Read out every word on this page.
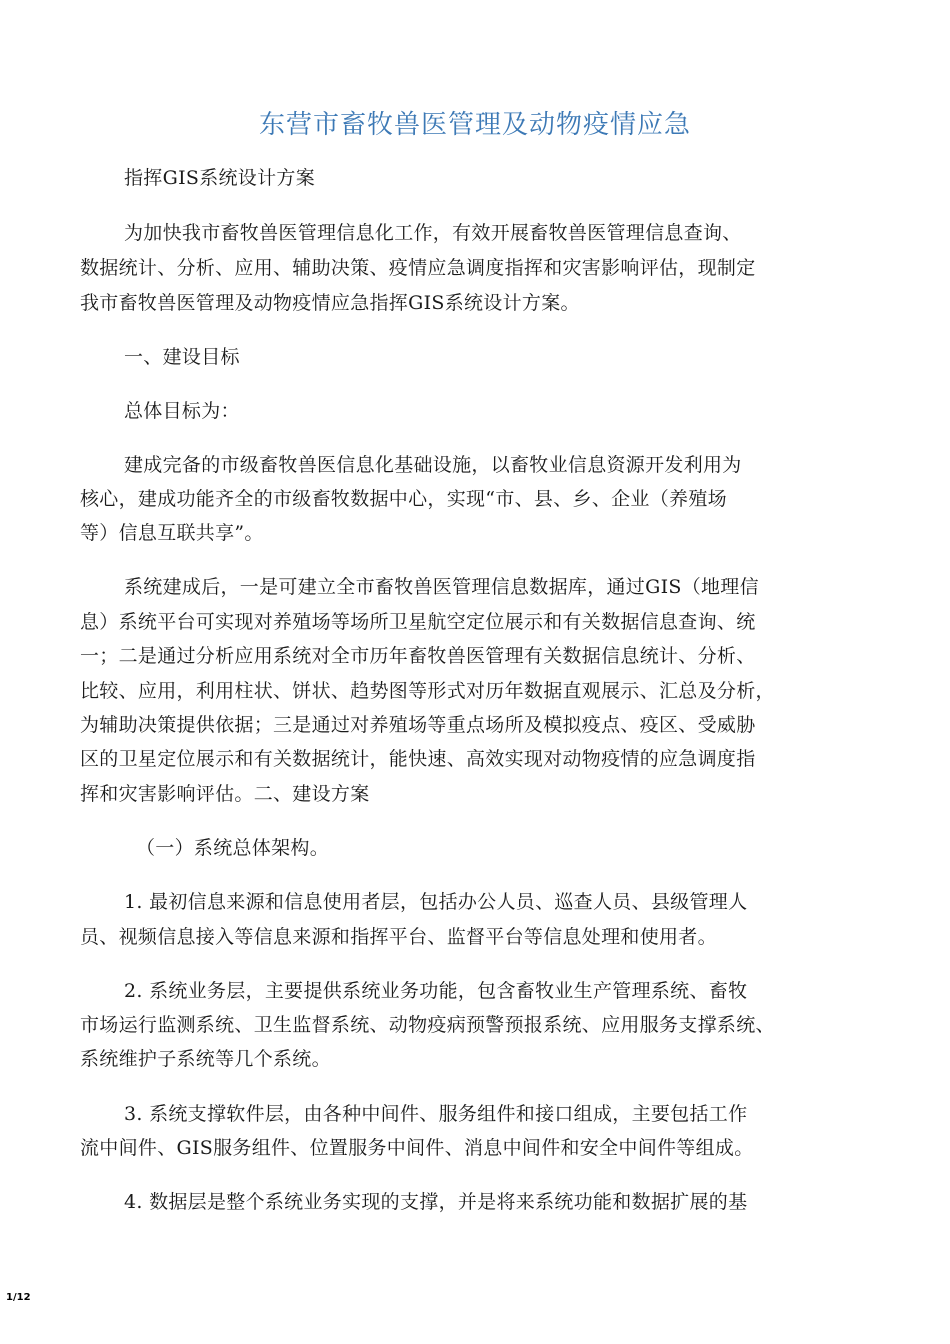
东营市畜牧兽医管理及动物疫情应急
指挥GIS系统设计方案
为加快我市畜牧兽医管理信息化工作，有效开展畜牧兽医管理信息查询、
数据统计、分析、应用、辅助决策、疫情应急调度指挥和灾害影响评估，现制定
我市畜牧兽医管理及动物疫情应急指挥GIS系统设计方案。
一、建设目标
总体目标为：
建成完备的市级畜牧兽医信息化基础设施，以畜牧业信息资源开发利用为
核心，建成功能齐全的市级畜牧数据中心，实现“市、县、乡、企业（养殖场
等）信息互联共享”。
系统建成后，一是可建立全市畜牧兽医管理信息数据库，通过GIS（地理信
息）系统平台可实现对养殖场等场所卫星航空定位展示和有关数据信息查询、统
一；二是通过分析应用系统对全市历年畜牧兽医管理有关数据信息统计、分析、
比较、应用，利用柱状、饼状、趋势图等形式对历年数据直观展示、汇总及分析，
为辅助决策提供依据；三是通过对养殖场等重点场所及模拟疫点、疫区、受威胁
区的卫星定位展示和有关数据统计，能快速、高效实现对动物疫情的应急调度指
挥和灾害影响评估。二、建设方案
（一）系统总体架构。
1. 最初信息来源和信息使用者层，包括办公人员、巡查人员、县级管理人
员、视频信息接入等信息来源和指挥平台、监督平台等信息处理和使用者。
2. 系统业务层，主要提供系统业务功能，包含畜牧业生产管理系统、畜牧
市场运行监测系统、卫生监督系统、动物疫病预警预报系统、应用服务支撑系统、
系统维护子系统等几个系统。
3. 系统支撑软件层，由各种中间件、服务组件和接口组成，主要包括工作
流中间件、GIS服务组件、位置服务中间件、消息中间件和安全中间件等组成。
4. 数据层是整个系统业务实现的支撑，并是将来系统功能和数据扩展的基
1/12
